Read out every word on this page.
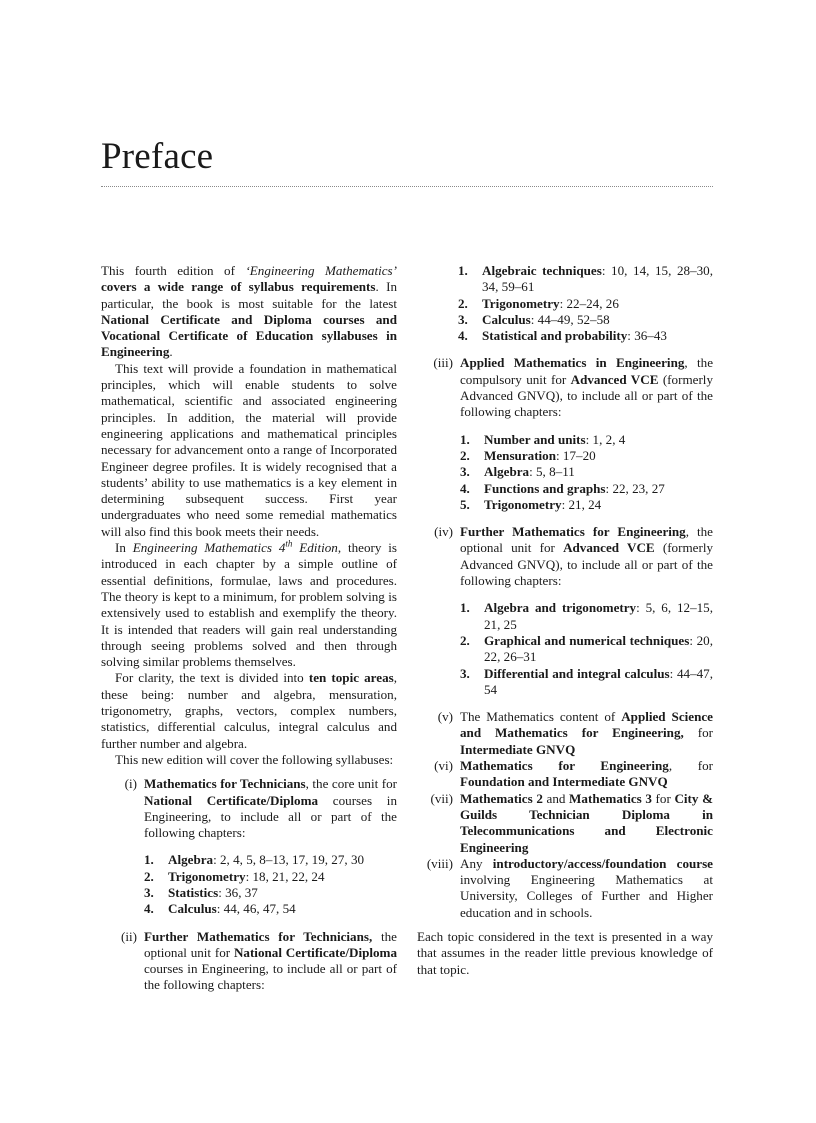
Preface

This fourth edition of ‘Engineering Mathematics’ covers a wide range of syllabus requirements. In particular, the book is most suitable for the latest National Certificate and Diploma courses and Vocational Certificate of Education syllabuses in Engineering.

This text will provide a foundation in mathematical principles, which will enable students to solve mathematical, scientific and associated engineering principles. In addition, the material will provide engineering applications and mathematical principles necessary for advancement onto a range of Incorporated Engineer degree profiles. It is widely recognised that a students’ ability to use mathematics is a key element in determining subsequent success. First year undergraduates who need some remedial mathematics will also find this book meets their needs.

In Engineering Mathematics 4th Edition, theory is introduced in each chapter by a simple outline of essential definitions, formulae, laws and procedures. The theory is kept to a minimum, for problem solving is extensively used to establish and exemplify the theory. It is intended that readers will gain real understanding through seeing problems solved and then through solving similar problems themselves.

For clarity, the text is divided into ten topic areas, these being: number and algebra, mensuration, trigonometry, graphs, vectors, complex numbers, statistics, differential calculus, integral calculus and further number and algebra.

This new edition will cover the following syllabuses:

(i) Mathematics for Technicians, the core unit for National Certificate/Diploma courses in Engineering, to include all or part of the following chapters:

1.	Algebra: 2, 4, 5, 8–13, 17, 19, 27, 30
2.	Trigonometry: 18, 21, 22, 24
3.	Statistics: 36, 37
4.	Calculus: 44, 46, 47, 54
(ii) Further Mathematics for Technicians, the optional unit for National Certificate/Diploma courses in Engineering, to include all or part of the following chapters:

1.	Algebraic techniques: 10, 14, 15, 28–30, 34, 59–61
2.	Trigonometry: 22–24, 26
3.	Calculus: 44–49, 52–58
4.	Statistical and probability: 36–43
(iii) Applied Mathematics in Engineering, the compulsory unit for Advanced VCE (formerly Advanced GNVQ), to include all or part of the following chapters:

1.	Number and units: 1, 2, 4
2.	Mensuration: 17–20
3.	Algebra: 5, 8–11
4.	Functions and graphs: 22, 23, 27
5.	Trigonometry: 21, 24
(iv) Further Mathematics for Engineering, the optional unit for Advanced VCE (formerly Advanced GNVQ), to include all or part of the following chapters:

1.	Algebra and trigonometry: 5, 6, 12–15, 21, 25
2.	Graphical and numerical techniques: 20, 22, 26–31
3.	Differential and integral calculus: 44–47, 54
(v) The Mathematics content of Applied Science and Mathematics for Engineering, for Intermediate GNVQ

(vi) Mathematics for Engineering, for Foundation and Intermediate GNVQ

(vii) Mathematics 2 and Mathematics 3 for City & Guilds Technician Diploma in Telecommunications and Electronic Engineering

(viii) Any introductory/access/foundation course involving Engineering Mathematics at University, Colleges of Further and Higher education and in schools.

Each topic considered in the text is presented in a way that assumes in the reader little previous knowledge of that topic.
